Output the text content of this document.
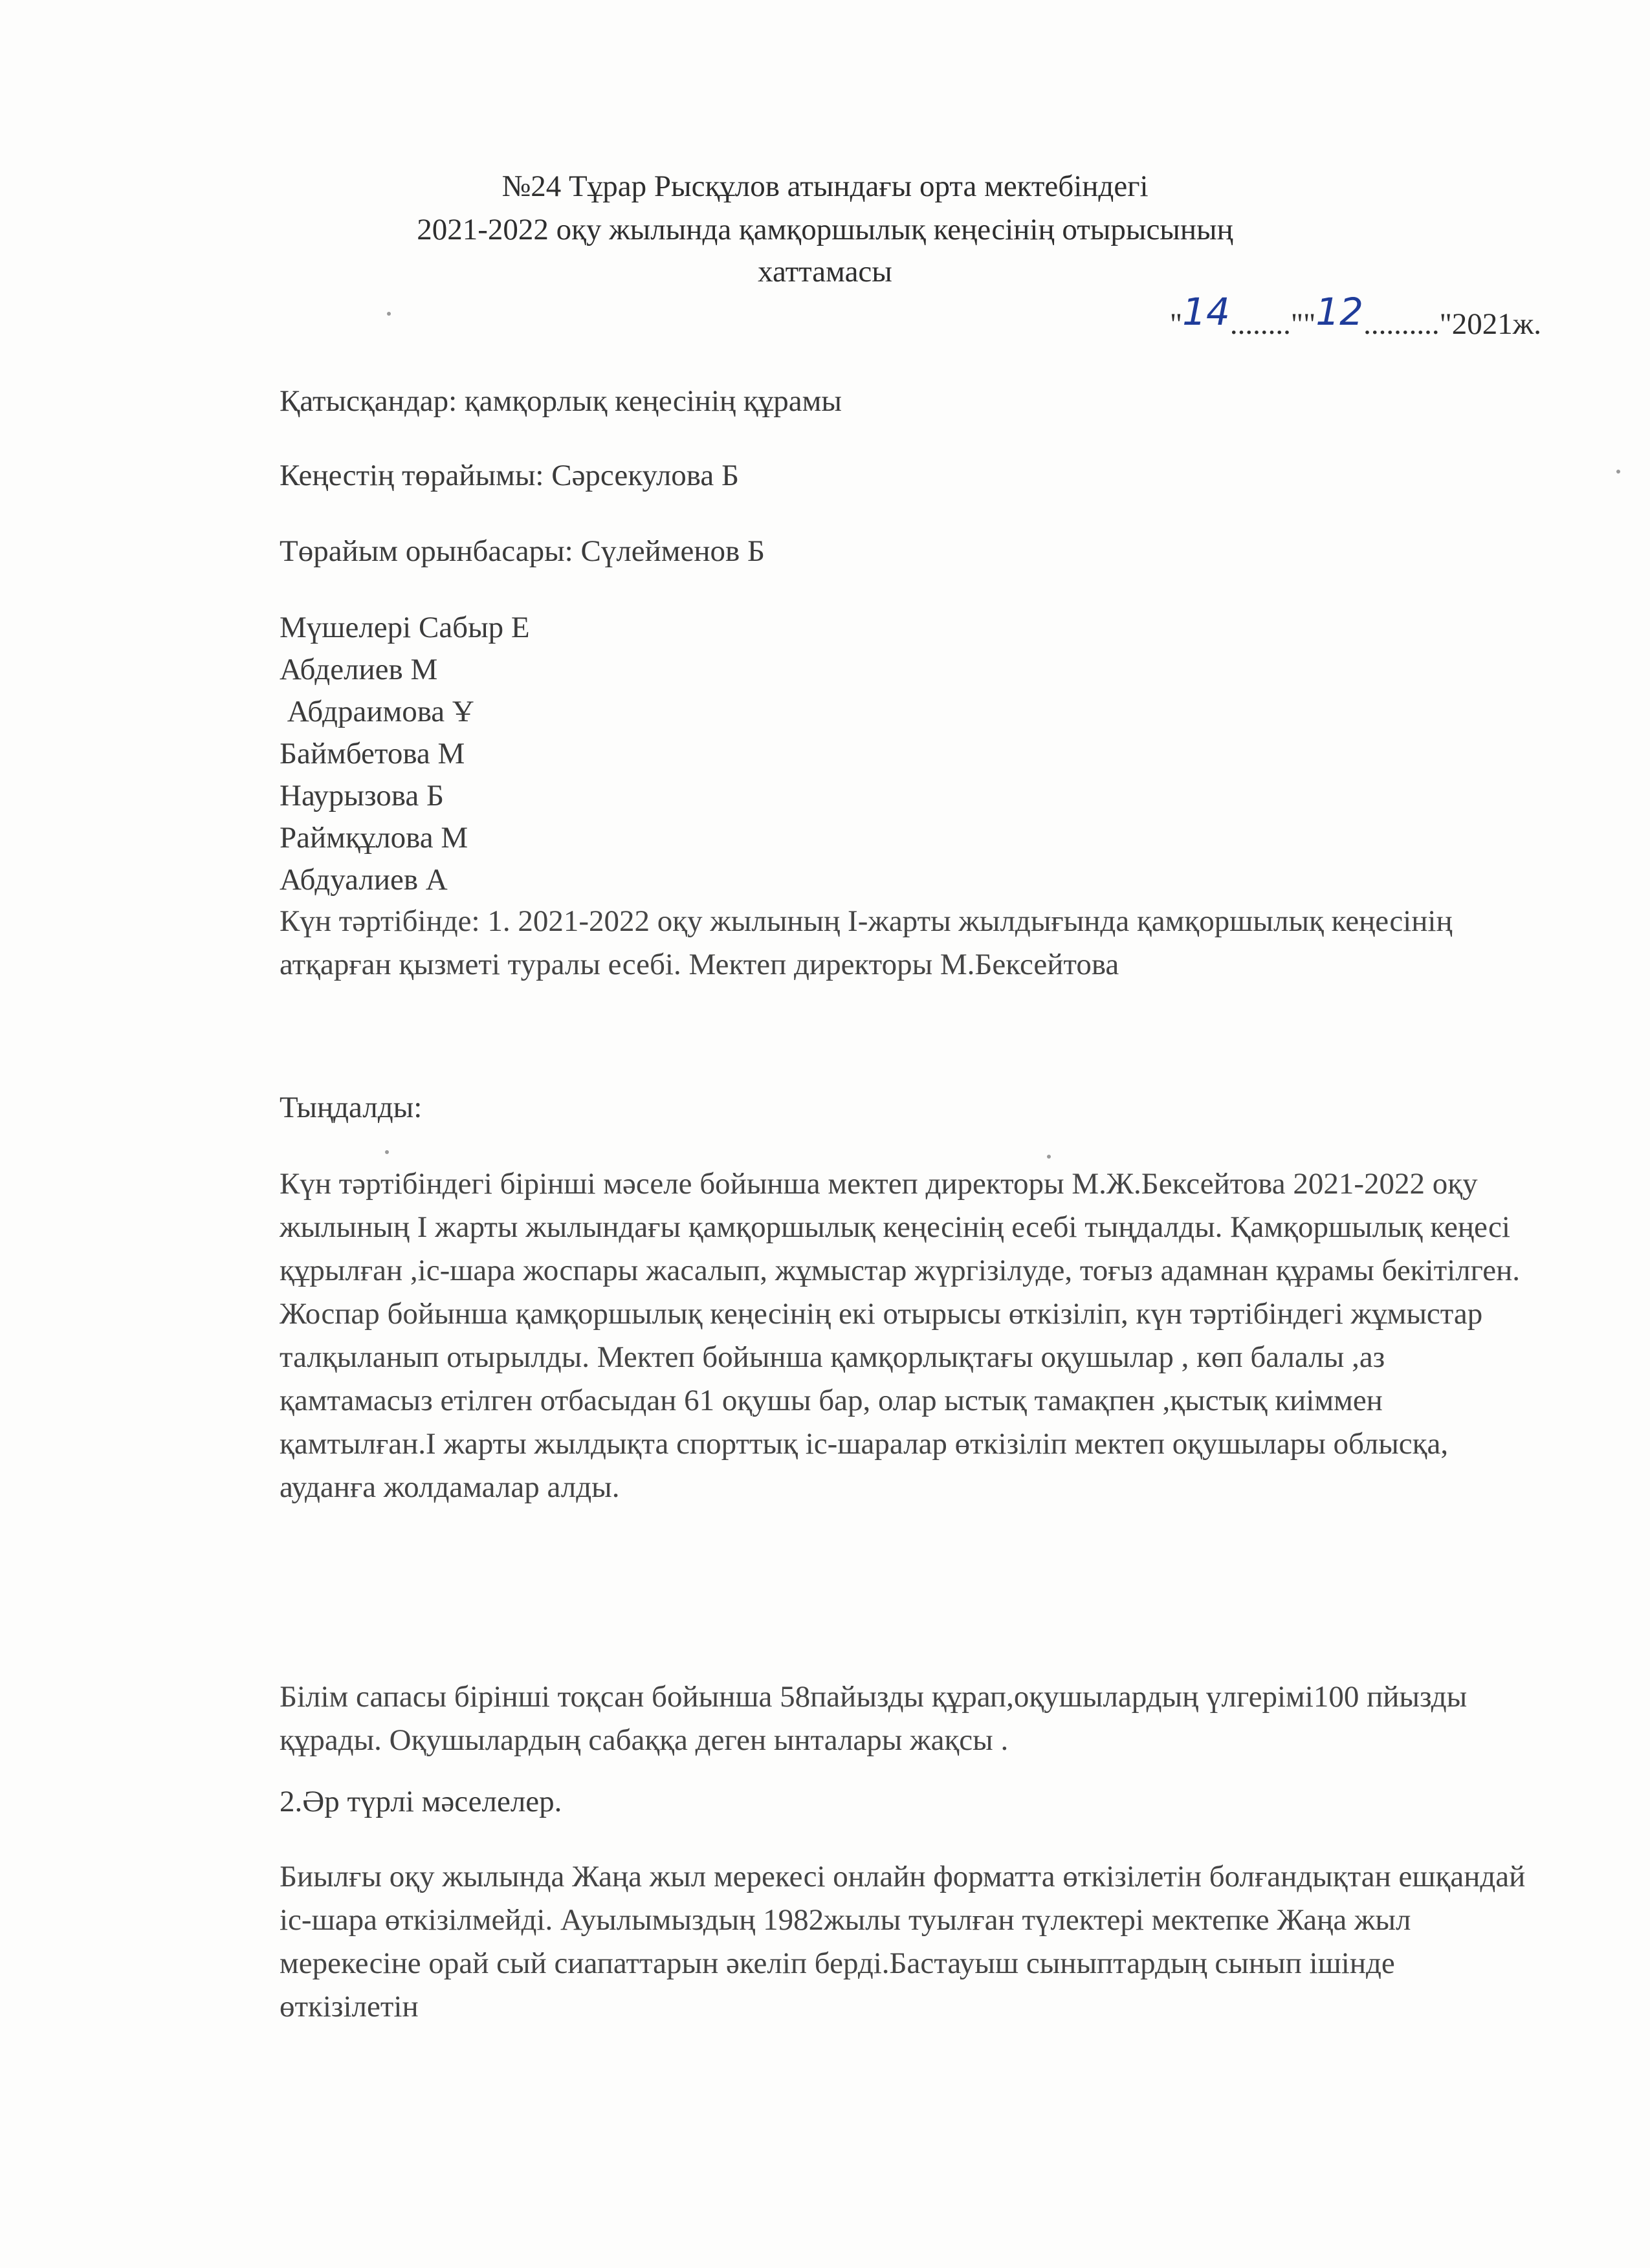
№24 Тұрар Рысқұлов атындағы орта мектебіндегі
2021-2022 оқу жылында қамқоршылық кеңесінің отырысының
хаттамасы
"14........""12.........."2021ж.
Қатысқандар: қамқорлық кеңесінің құрамы
Кеңестің төрайымы: Сәрсекулова Б
Төрайым орынбасары: Сүлейменов Б
Мүшелері Сабыр Е
Абделиев М
Абдраимова Ұ
Баймбетова М
Наурызова Б
Раймқұлова М
Абдуалиев А
Күн тәртібінде: 1. 2021-2022 оқу жылының І-жарты жылдығында қамқоршылық кеңесінің атқарған қызметі туралы есебі. Мектеп директоры М.Бексейтова
Тыңдалды:
Күн тәртібіндегі бірінші мәселе бойынша мектеп директоры М.Ж.Бексейтова 2021-2022 оқу жылының І жарты жылындағы қамқоршылық кеңесінің есебі тыңдалды. Қамқоршылық кеңесі құрылған ,іс-шара жоспары жасалып, жұмыстар жүргізілуде, тоғыз адамнан құрамы бекітілген. Жоспар бойынша қамқоршылық кеңесінің екі отырысы өткізіліп, күн тәртібіндегі жұмыстар талқыланып отырылды. Мектеп бойынша қамқорлықтағы оқушылар , көп балалы ,аз қамтамасыз етілген отбасыдан 61 оқушы бар, олар ыстық тамақпен ,қыстық киіммен қамтылған.І жарты жылдықта спорттық іс-шаралар өткізіліп мектеп оқушылары облысқа, ауданға жолдамалар алды.
Білім сапасы бірінші тоқсан бойынша 58пайызды құрап,оқушылардың үлгерімі100 пйызды құрады. Оқушылардың сабаққа деген ынталары жақсы .
2.Әр түрлі мәселелер.
Биылғы оқу жылында Жаңа жыл мерекесі онлайн форматта өткізілетін болғандықтан ешқандай іс-шара өткізілмейді. Ауылымыздың 1982жылы туылған түлектері мектепке Жаңа жыл мерекесіне орай сый сиапаттарын әкеліп берді.Бастауыш сыныптардың сынып ішінде өткізілетін
